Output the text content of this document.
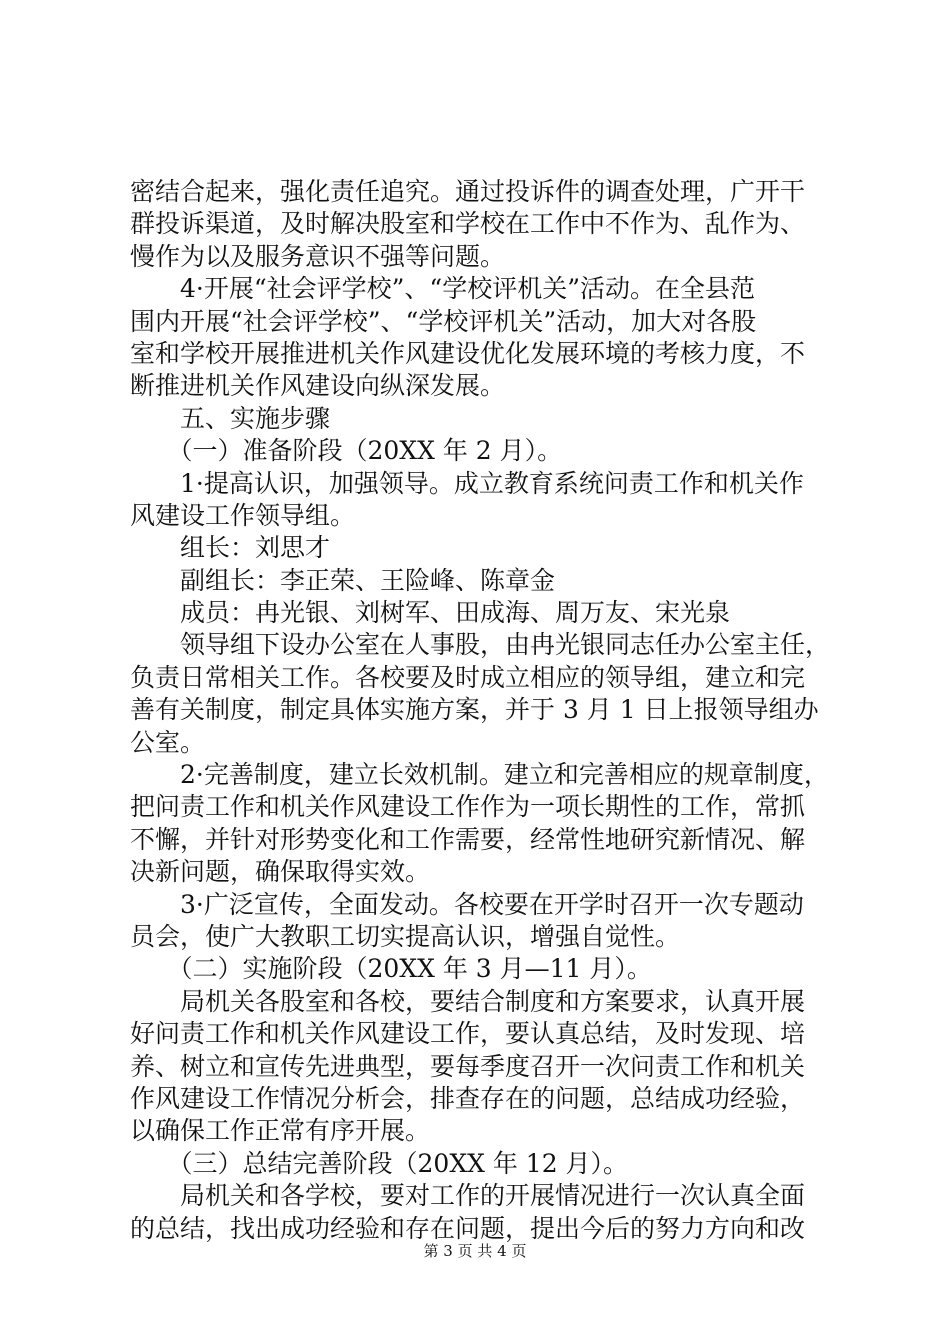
密结合起来，强化责任追究。通过投诉件的调查处理，广开干
群投诉渠道，及时解决股室和学校在工作中不作为、乱作为、
慢作为以及服务意识不强等问题。
　　4·开展“社会评学校”、“学校评机关”活动。在全县范
围内开展“社会评学校”、“学校评机关”活动，加大对各股
室和学校开展推进机关作风建设优化发展环境的考核力度，不
断推进机关作风建设向纵深发展。
　　五、实施步骤
　　（一）准备阶段（20XX 年 2 月）。
　　1·提高认识，加强领导。成立教育系统问责工作和机关作
风建设工作领导组。
　　组长：刘思才
　　副组长：李正荣、王险峰、陈章金
　　成员：冉光银、刘树军、田成海、周万友、宋光泉
　　领导组下设办公室在人事股，由冉光银同志任办公室主任，
负责日常相关工作。各校要及时成立相应的领导组，建立和完
善有关制度，制定具体实施方案，并于 3 月 1 日上报领导组办
公室。
　　2·完善制度，建立长效机制。建立和完善相应的规章制度，
把问责工作和机关作风建设工作作为一项长期性的工作，常抓
不懈，并针对形势变化和工作需要，经常性地研究新情况、解
决新问题，确保取得实效。
　　3·广泛宣传，全面发动。各校要在开学时召开一次专题动
员会，使广大教职工切实提高认识，增强自觉性。
　　（二）实施阶段（20XX 年 3 月—11 月）。
　　局机关各股室和各校，要结合制度和方案要求，认真开展
好问责工作和机关作风建设工作，要认真总结，及时发现、培
养、树立和宣传先进典型，要每季度召开一次问责工作和机关
作风建设工作情况分析会，排查存在的问题，总结成功经验，
以确保工作正常有序开展。
　　（三）总结完善阶段（20XX 年 12 月）。
　　局机关和各学校，要对工作的开展情况进行一次认真全面
的总结，找出成功经验和存在问题，提出今后的努力方向和改
第 3 页 共 4 页
